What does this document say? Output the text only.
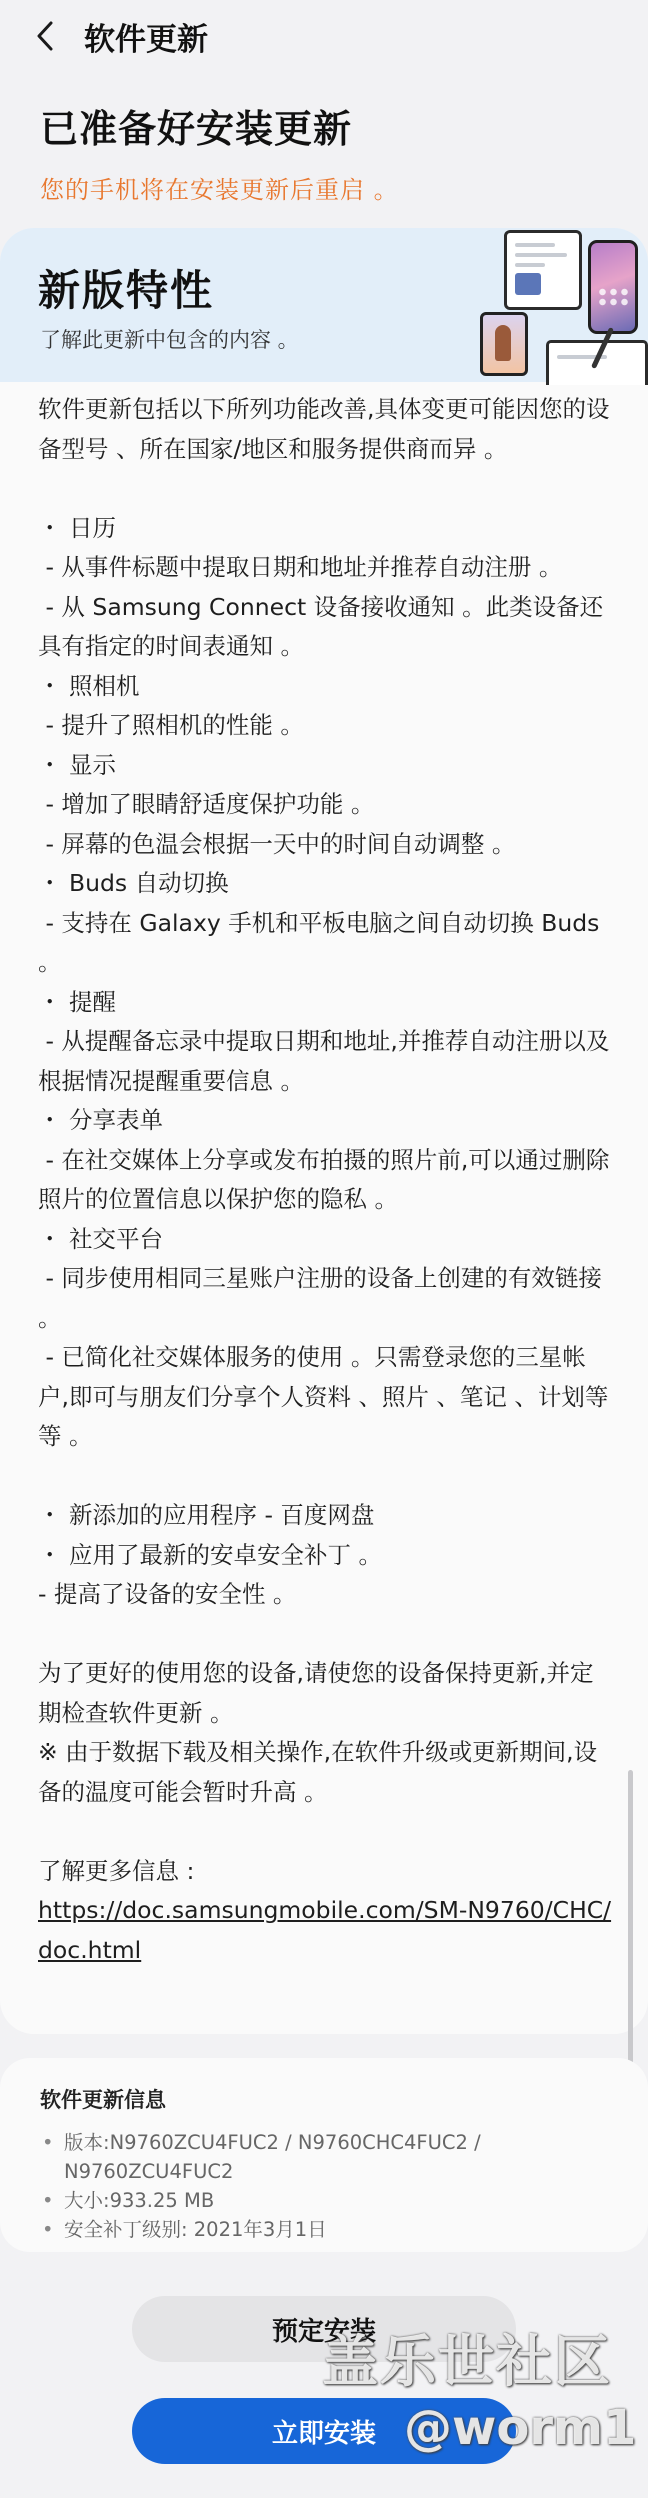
软件更新
已准备好安装更新
您的手机将在安装更新后重启 。
新版特性
了解此更新中包含的内容 。
软件更新包括以下所列功能改善,具体变更可能因您的设备型号 、所在国家/地区和服务提供商而异 。
・ 日历
- 从事件标题中提取日期和地址并推荐自动注册 。
- 从 Samsung Connect 设备接收通知 。此类设备还具有指定的时间表通知 。
・ 照相机
- 提升了照相机的性能 。
・ 显示
- 增加了眼睛舒适度保护功能 。
- 屏幕的色温会根据一天中的时间自动调整 。
・ Buds 自动切换
- 支持在 Galaxy 手机和平板电脑之间自动切换 Buds 。
・ 提醒
- 从提醒备忘录中提取日期和地址,并推荐自动注册以及根据情况提醒重要信息 。
・ 分享表单
- 在社交媒体上分享或发布拍摄的照片前,可以通过删除照片的位置信息以保护您的隐私 。
・ 社交平台
- 同步使用相同三星账户注册的设备上创建的有效链接 。
- 已简化社交媒体服务的使用 。只需登录您的三星帐户,即可与朋友们分享个人资料 、照片 、笔记 、计划等等 。
・ 新添加的应用程序 - 百度网盘
・ 应用了最新的安卓安全补丁 。
- 提高了设备的安全性 。
为了更好的使用您的设备,请使您的设备保持更新,并定期检查软件更新 。
※ 由于数据下载及相关操作,在软件升级或更新期间,设备的温度可能会暂时升高 。
了解更多信息 :
https://doc.samsungmobile.com/SM-N9760/CHC/doc.html
软件更新信息
• 版本:N9760ZCU4FUC2 / N9760CHC4FUC2 /
N9760ZCU4FUC2
• 大小:933.25 MB
• 安全补丁级别: 2021年3月1日
预定安装
立即安装
盖乐世社区
@worm1
